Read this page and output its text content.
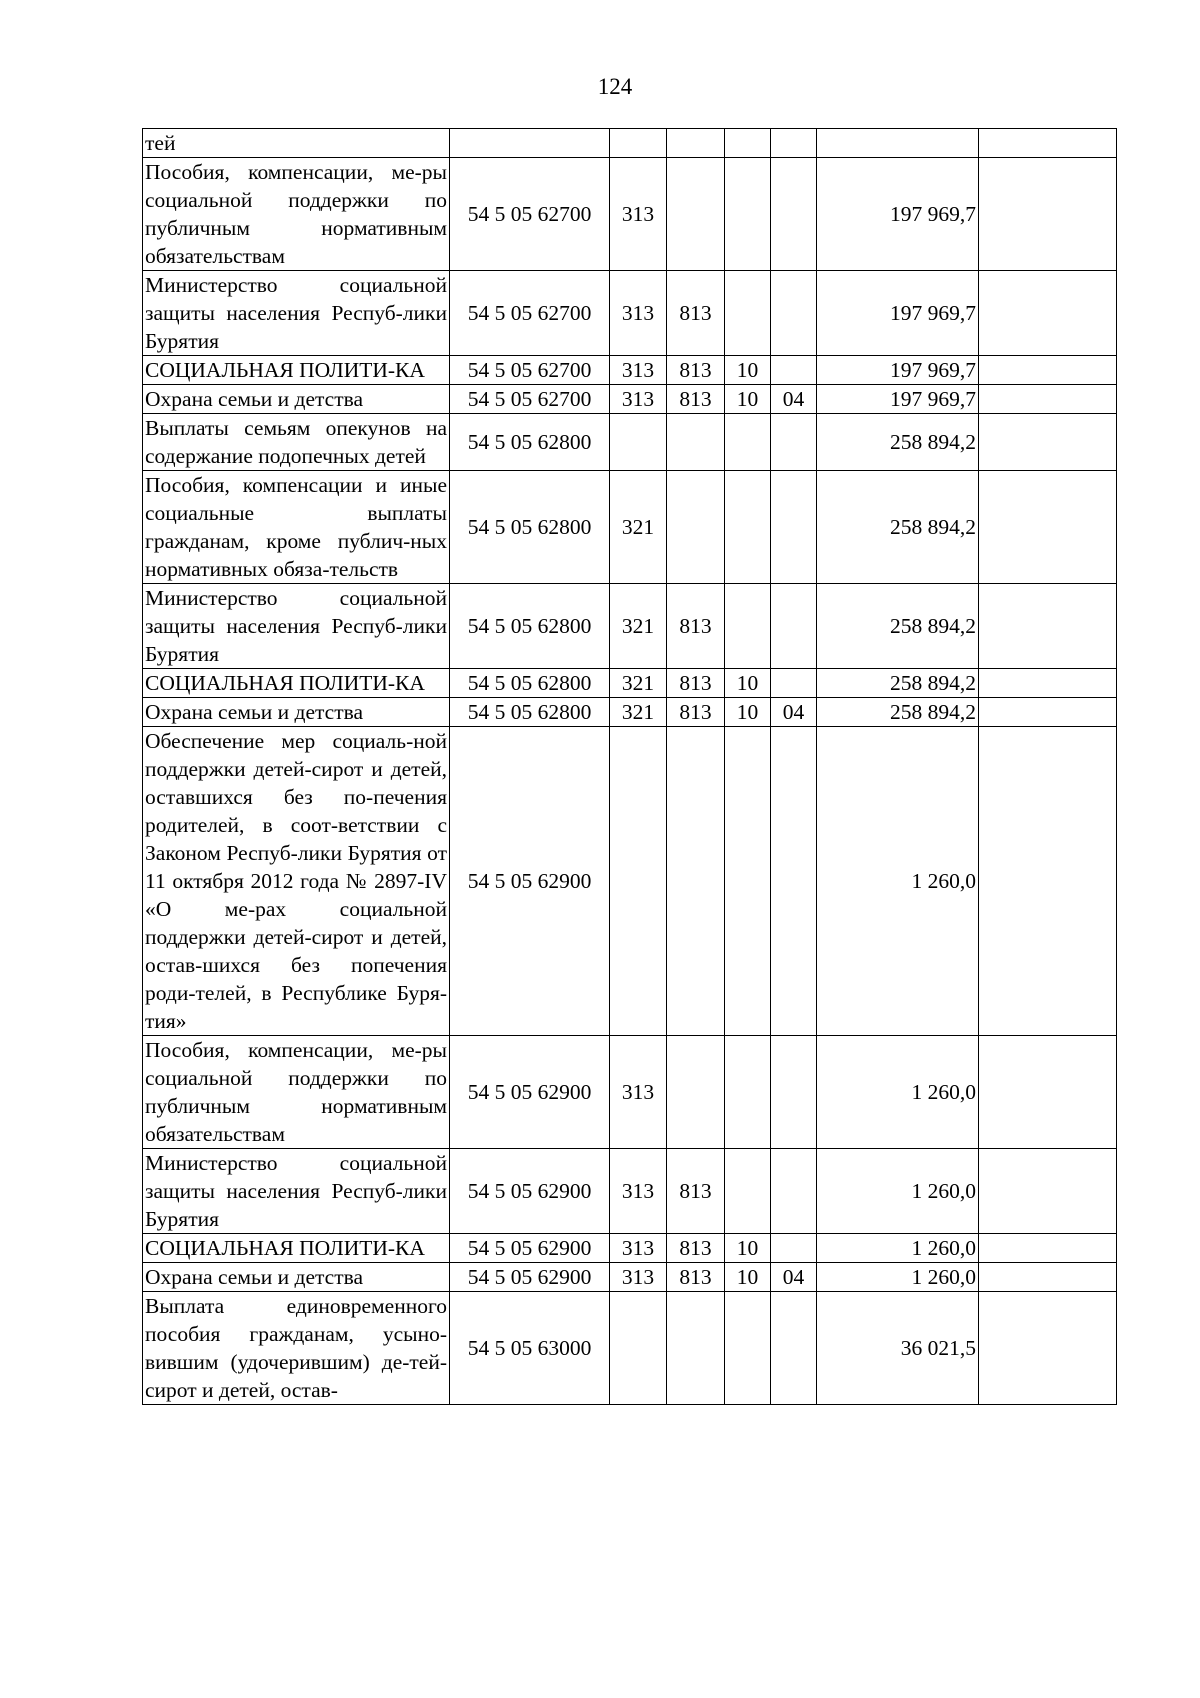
124
тей							
Пособия, компенсации, ме-ры социальной поддержки по публичным нормативным обязательствам	54 5 05 62700	313				197 969,7	
Министерство социальной защиты населения Респуб-лики Бурятия	54 5 05 62700	313	813			197 969,7	
СОЦИАЛЬНАЯ ПОЛИТИ-КА	54 5 05 62700	313	813	10		197 969,7	
Охрана семьи и детства	54 5 05 62700	313	813	10	04	197 969,7	
Выплаты семьям опекунов на содержание подопечных детей	54 5 05 62800					258 894,2	
Пособия, компенсации и иные социальные выплаты гражданам, кроме публич-ных нормативных обяза-тельств	54 5 05 62800	321				258 894,2	
Министерство социальной защиты населения Респуб-лики Бурятия	54 5 05 62800	321	813			258 894,2	
СОЦИАЛЬНАЯ ПОЛИТИ-КА	54 5 05 62800	321	813	10		258 894,2	
Охрана семьи и детства	54 5 05 62800	321	813	10	04	258 894,2	
Обеспечение мер социаль-ной поддержки детей-сирот и детей, оставшихся без по-печения родителей, в соот-ветствии с Законом Респуб-лики Бурятия от 11 октября 2012 года № 2897-IV «О ме-рах социальной поддержки детей-сирот и детей, остав-шихся без попечения роди-телей, в Республике Буря-тия»	54 5 05 62900					1 260,0	
Пособия, компенсации, ме-ры социальной поддержки по публичным нормативным обязательствам	54 5 05 62900	313				1 260,0	
Министерство социальной защиты населения Респуб-лики Бурятия	54 5 05 62900	313	813			1 260,0	
СОЦИАЛЬНАЯ ПОЛИТИ-КА	54 5 05 62900	313	813	10		1 260,0	
Охрана семьи и детства	54 5 05 62900	313	813	10	04	1 260,0	
Выплата единовременного пособия гражданам, усыно-вившим (удочерившим) де-тей-сирот и детей, остав-	54 5 05 63000					36 021,5	
